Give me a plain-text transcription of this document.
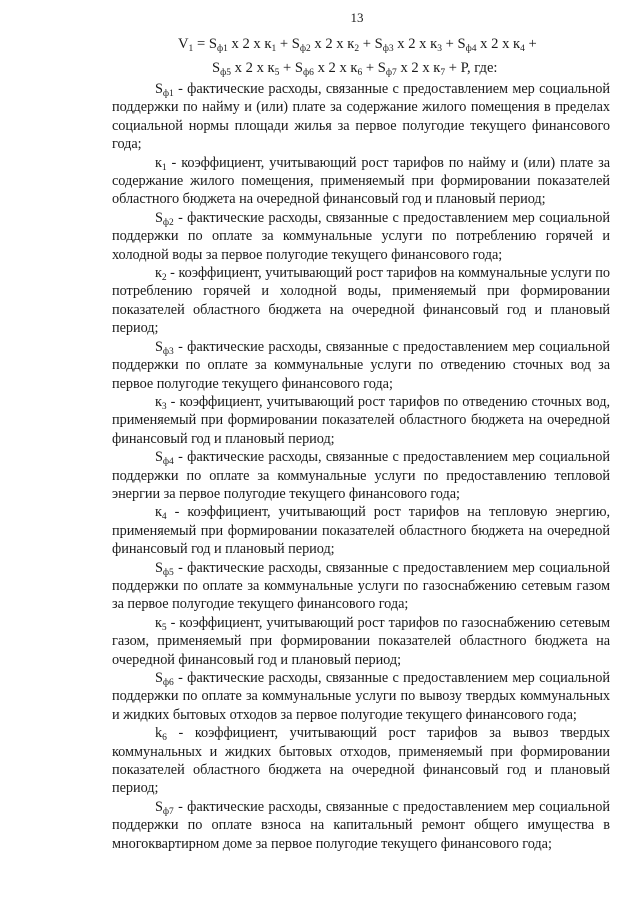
13
$V_1 = S_{ф1}$ х 2 х $к_1 + S_{ф2}$ х 2 х $к_2 + S_{ф3}$ х 2 х $к_3 + S_{ф4}$ х 2 х $к_4$ +
$S_{ф5}$ х 2 х $к_5 + S_{ф6}$ х 2 х $к_6 + S_{ф7}$ х 2 х $к_7 + Р$, где:

$S_{ф1}$ - фактические расходы, связанные с предоставлением мер социальной поддержки по найму и (или) плате за содержание жилого помещения в пределах социальной нормы площади жилья за первое полугодие текущего финансового года;

$к_1$ - коэффициент, учитывающий рост тарифов по найму и (или) плате за содержание жилого помещения, применяемый при формировании показателей областного бюджета на очередной финансовый год и плановый период;

$S_{ф2}$ - фактические расходы, связанные с предоставлением мер социальной поддержки по оплате за коммунальные услуги по потреблению горячей и холодной воды за первое полугодие текущего финансового года;

$к_2$ - коэффициент, учитывающий рост тарифов на коммунальные услуги по потреблению горячей и холодной воды, применяемый при формировании показателей областного бюджета на очередной финансовый год и плановый период;

$S_{ф3}$ - фактические расходы, связанные с предоставлением мер социальной поддержки по оплате за коммунальные услуги по отведению сточных вод за первое полугодие текущего финансового года;

$к_3$ - коэффициент, учитывающий рост тарифов по отведению сточных вод, применяемый при формировании показателей областного бюджета на очередной финансовый год и плановый период;

$S_{ф4}$ - фактические расходы, связанные с предоставлением мер социальной поддержки по оплате за коммунальные услуги по предоставлению тепловой энергии за первое полугодие текущего финансового года;

$к_4$ - коэффициент, учитывающий рост тарифов на тепловую энергию, применяемый при формировании показателей областного бюджета на очередной финансовый год и плановый период;

$S_{ф5}$ - фактические расходы, связанные с предоставлением мер социальной поддержки по оплате за коммунальные услуги по газоснабжению сетевым газом за первое полугодие текущего финансового года;

$к_5$ - коэффициент, учитывающий рост тарифов по газоснабжению сетевым газом, применяемый при формировании показателей областного бюджета на очередной финансовый год и плановый период;

$S_{ф6}$ - фактические расходы, связанные с предоставлением мер социальной поддержки по оплате за коммунальные услуги по вывозу твердых коммунальных и жидких бытовых отходов за первое полугодие текущего финансового года;

$k_6$ - коэффициент, учитывающий рост тарифов за вывоз твердых коммунальных и жидких бытовых отходов, применяемый при формировании показателей областного бюджета на очередной финансовый год и плановый период;

$S_{ф7}$ - фактические расходы, связанные с предоставлением мер социальной поддержки по оплате взноса на капитальный ремонт общего имущества в многоквартирном доме за первое полугодие текущего финансового года;
